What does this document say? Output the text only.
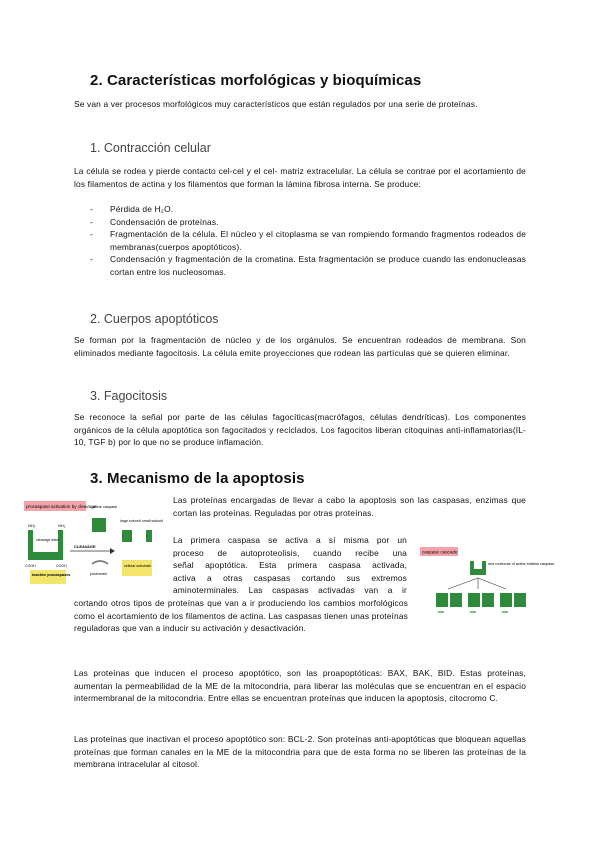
2. Características morfológicas y bioquímicas

Se van a ver procesos morfológicos muy característicos que están regulados por una serie de proteínas.

1. Contracción celular

La célula se rodea y pierde contacto cel-cel y el cel- matriz extracelular. La célula se contrae por el acortamiento de los filamentos de actina y los filamentos que forman la lámina fibrosa interna. Se produce:

- Pérdida de H₂O.
- Condensación de proteínas.
- Fragmentación de la célula. El núcleo y el citoplasma se van rompiendo formando fragmentos rodeados de membranas(cuerpos apoptóticos).
- Condensación y fragmentación de la cromatina. Esta fragmentación se produce cuando las endonucleasas cortan entre los nucleosomas.
2. Cuerpos apoptóticos

Se forman por la fragmentación de núcleo y de los orgánulos. Se encuentran rodeados de membrana. Son eliminados mediante fagocitosis. La célula emite proyecciones que rodean las partículas que se quieren eliminar.

3. Fagocitosis

Se reconoce la señal por parte de las células fagocíticas(macrófagos, células dendríticas). Los componentes orgánicos de la célula apoptótica son fagocitados y reciclados. Los fagocitos liberan citoquinas anti-inflamatorias(IL-10, TGF b) por lo que no se produce inflamación.

3. Mecanismo de la apoptosis
procaspase activation by cleavage
NH₂	NH₂
cleavage sites
COOH	COOH
inactive procaspases
CLEAVAGE
active caspase
large subunit small subunit
prodomain
cellular substrate

Las proteínas encargadas de llevar a cabo la apoptosis son las caspasas, enzimas que cortan las proteínas. Reguladas por otras proteínas.

La primera caspasa se activa a sí misma por un
proceso de autoproteolisis, cuando recibe una
señal apoptótica. Esta primera caspasa activada,
activa a otras caspasas cortando sus extremos
aminoterminales. Las caspasas activadas van a ir

cortando otros tipos de proteínas que van a ir produciendo los cambios morfológicos como el acortamiento de los filamentos de actina. Las caspasas tienen unas proteínas reguladoras que van a inducir su activación y desactivación.

caspase cascade
one molecule of active initiator caspase

Las proteínas que inducen el proceso apoptótico, son las proapoptóticas: BAX, BAK, BID. Estas proteínas, aumentan la permeabilidad de la ME de la mitocondria, para liberar las moléculas que se encuentran en el espacio intermembranal de la mitocondria. Entre ellas se encuentran proteínas que inducen la apoptosis, citocromo C.

Las proteínas que inactivan el proceso apoptótico son: BCL-2. Son proteínas anti-apoptóticas que bloquean aquellas proteínas que forman canales en la ME de la mitocondria para que de esta forma no se liberen las proteínas de la membrana intracelular al citosol.
